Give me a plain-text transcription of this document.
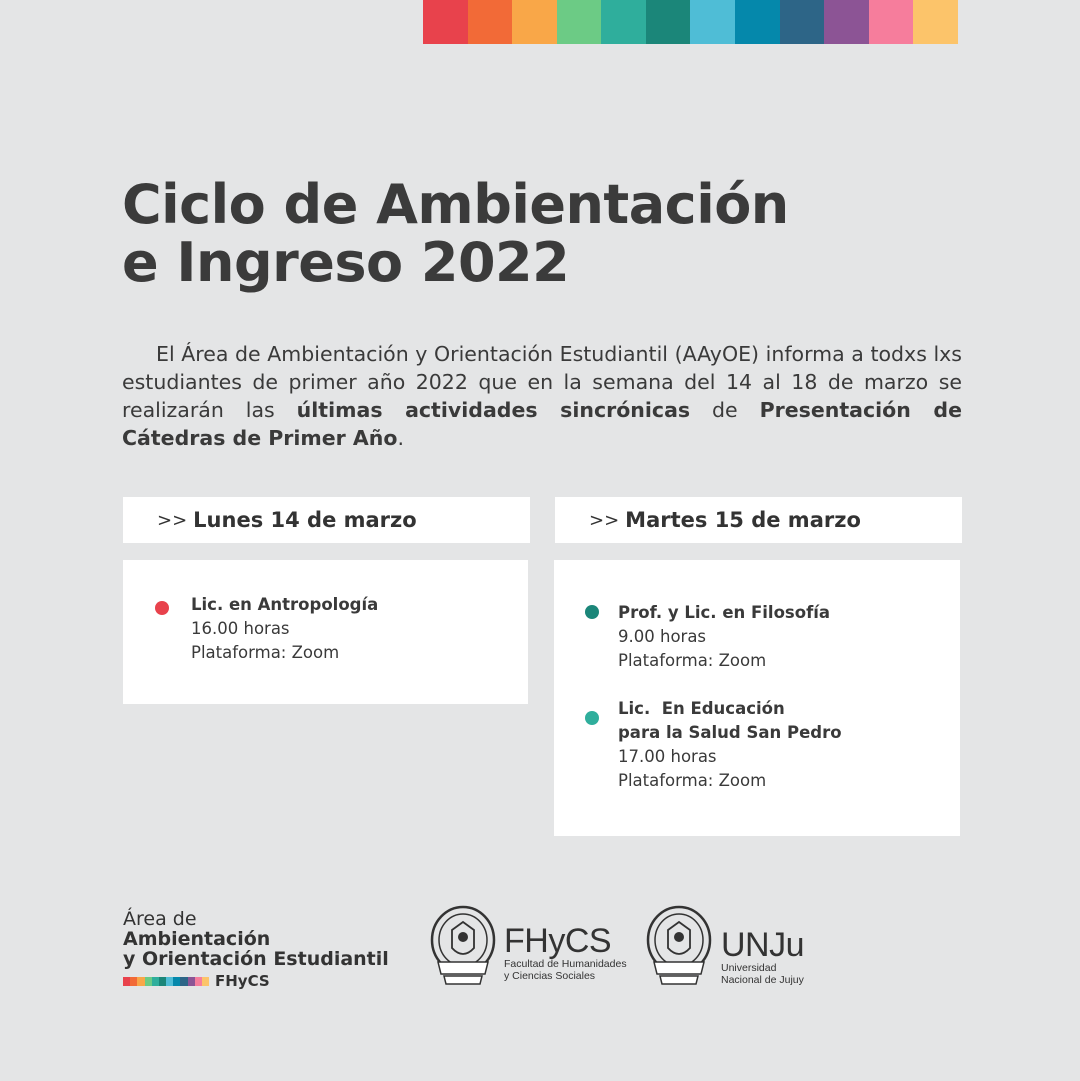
Ciclo de Ambientación
e Ingreso 2022

El Área de Ambientación y Orientación Estudiantil (AAyOE) informa a todxs lxs estudiantes de primer año 2022 que en la semana del 14 al 18 de marzo se realizarán las últimas actividades sincrónicas de Presentación de Cátedras de Primer Año.

>> Lunes 14 de marzo	>> Martes 15 de marzo
Lic. en Antropología
16.00 horas
Plataforma: Zoom
Prof. y Lic. en Filosofía
9.00 horas
Plataforma: Zoom
Lic.  En Educación
para la Salud San Pedro
17.00 horas
Plataforma: Zoom
Área de
Ambientación
y Orientación Estudiantil
FHyCS
FHyCS
Facultad de Humanidades
y Ciencias Sociales
UNJu
Universidad
Nacional de Jujuy
